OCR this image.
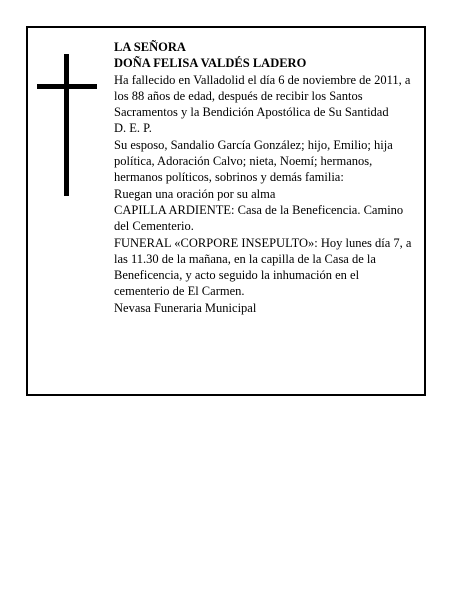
LA SEÑORA

DOÑA FELISA VALDÉS LADERO

Ha fallecido en Valladolid el día 6 de noviembre de 2011, a los 88 años de edad, después de recibir los Santos Sacramentos y la Bendición Apostólica de Su Santidad

D. E. P.

Su esposo, Sandalio García González; hijo, Emilio; hija política, Adoración Calvo; nieta, Noemí; hermanos, hermanos políticos, sobrinos y demás familia:

Ruegan una oración por su alma

CAPILLA ARDIENTE: Casa de la Beneficencia. Camino del Cementerio.

FUNERAL «CORPORE INSEPULTO»: Hoy lunes día 7, a las 11.30 de la mañana, en la capilla de la Casa de la Beneficencia, y acto seguido la inhumación en el cementerio de El Carmen.

Nevasa Funeraria Municipal
